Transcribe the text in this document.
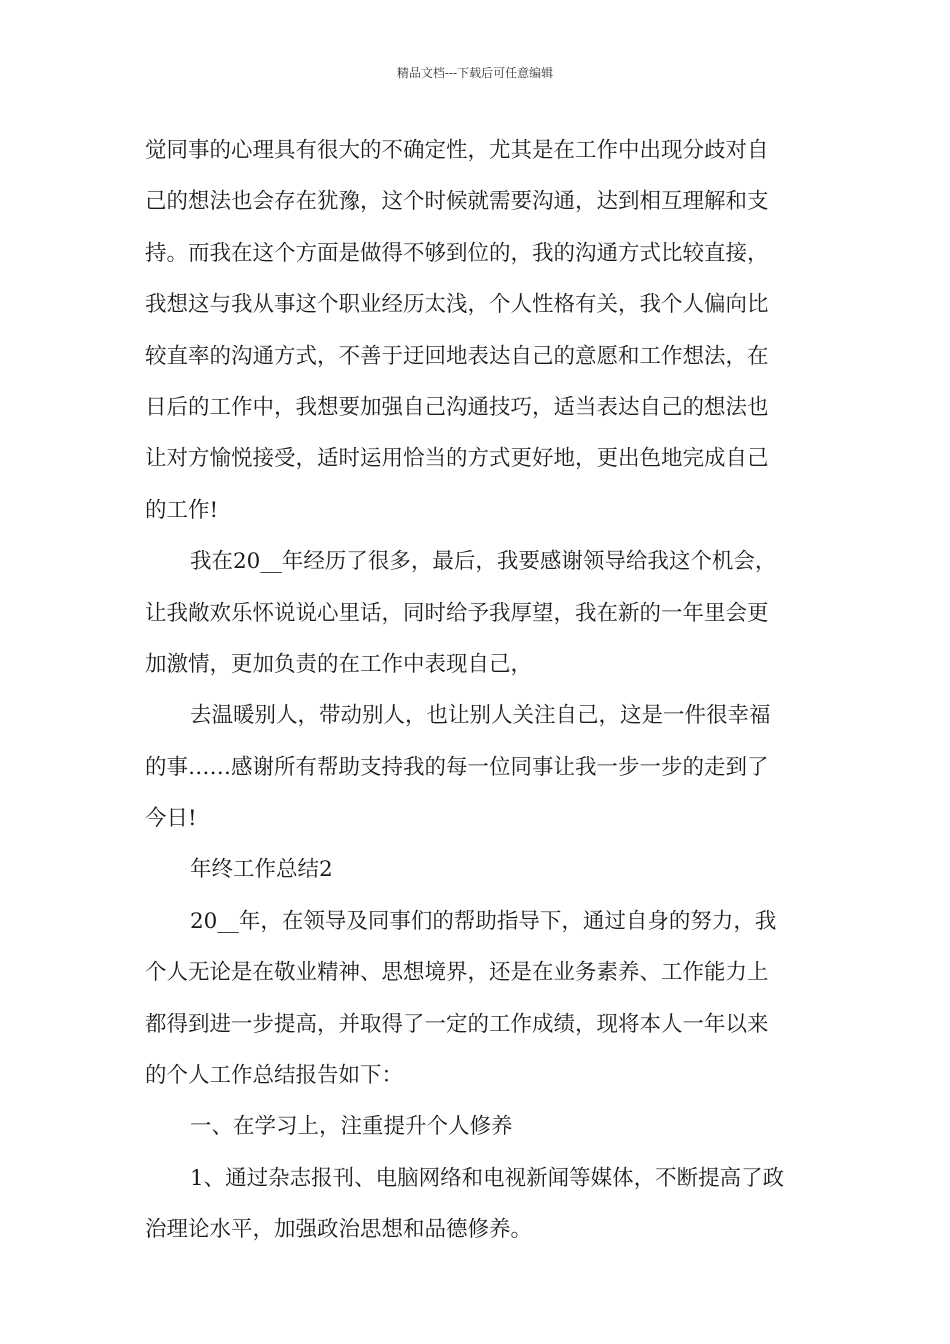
精品文档---下载后可任意编辑
觉同事的心理具有很大的不确定性，尤其是在工作中出现分歧对自
己的想法也会存在犹豫，这个时候就需要沟通，达到相互理解和支
持。而我在这个方面是做得不够到位的，我的沟通方式比较直接，
我想这与我从事这个职业经历太浅，个人性格有关，我个人偏向比
较直率的沟通方式，不善于迂回地表达自己的意愿和工作想法，在
日后的工作中，我想要加强自己沟通技巧，适当表达自己的想法也
让对方愉悦接受，适时运用恰当的方式更好地，更出色地完成自己
的工作!
我在20__年经历了很多，最后，我要感谢领导给我这个机会，
让我敞欢乐怀说说心里话，同时给予我厚望，我在新的一年里会更
加激情，更加负责的在工作中表现自己，
去温暖别人，带动别人，也让别人关注自己，这是一件很幸福
的事……感谢所有帮助支持我的每一位同事让我一步一步的走到了
今日!
年终工作总结2
20__年，在领导及同事们的帮助指导下，通过自身的努力，我
个人无论是在敬业精神、思想境界，还是在业务素养、工作能力上
都得到进一步提高，并取得了一定的工作成绩，现将本人一年以来
的个人工作总结报告如下：
一、在学习上，注重提升个人修养
1、通过杂志报刊、电脑网络和电视新闻等媒体，不断提高了政
治理论水平，加强政治思想和品德修养。
